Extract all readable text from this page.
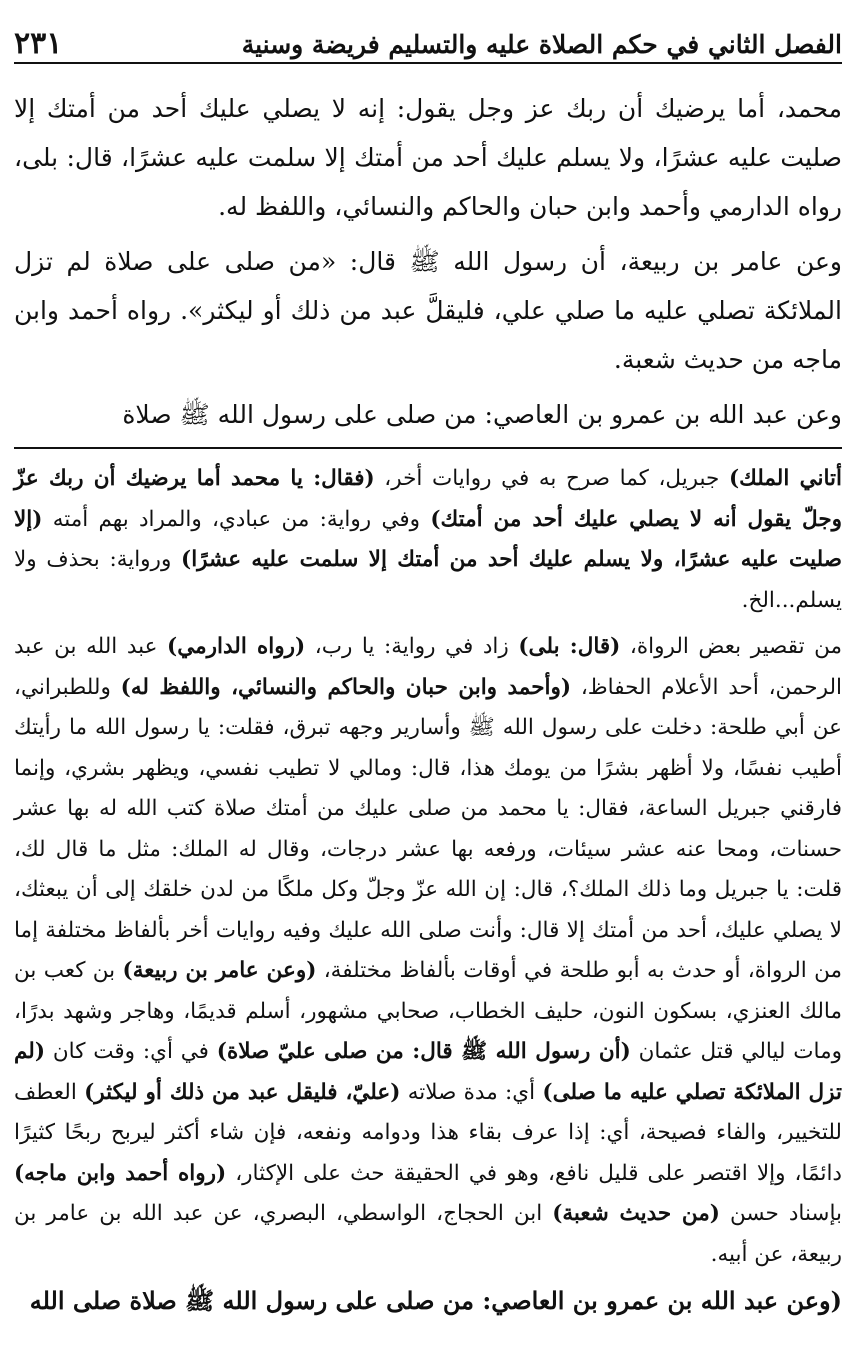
٢٣١	الفصل الثاني في حكم الصلاة عليه والتسليم فريضة وسنية

محمد، أما يرضيك أن ربك عز وجل يقول: إنه لا يصلي عليك أحد من أمتك إلا صليت عليه عشرًا، ولا يسلم عليك أحد من أمتك إلا سلمت عليه عشرًا، قال: بلى، رواه الدارمي وأحمد وابن حبان والحاكم والنسائي، واللفظ له.

وعن عامر بن ربيعة، أن رسول الله ﷺ قال: «من صلى على صلاة لم تزل الملائكة تصلي عليه ما صلي علي، فليقلَّ عبد من ذلك أو ليكثر». رواه أحمد وابن ماجه من حديث شعبة.

وعن عبد الله بن عمرو بن العاصي: من صلى على رسول الله ﷺ صلاة

أتاني الملك) جبريل، كما صرح به في روايات أخر، (فقال: يا محمد أما يرضيك أن ربك عزّ وجلّ يقول أنه لا يصلي عليك أحد من أمتك) وفي رواية: من عبادي، والمراد بهم أمته (إلا صليت عليه عشرًا، ولا يسلم عليك أحد من أمتك إلا سلمت عليه عشرًا) ورواية: بحذف ولا يسلم...الخ.

من تقصير بعض الرواة، (قال: بلى) زاد في رواية: يا رب، (رواه الدارمي) عبد الله بن عبد الرحمن، أحد الأعلام الحفاظ، (وأحمد وابن حبان والحاكم والنسائي، واللفظ له) وللطبراني، عن أبي طلحة: دخلت على رسول الله ﷺ وأسارير وجهه تبرق، فقلت: يا رسول الله ما رأيتك أطيب نفسًا، ولا أظهر بشرًا من يومك هذا، قال: ومالي لا تطيب نفسي، ويظهر بشري، وإنما فارقني جبريل الساعة، فقال: يا محمد من صلى عليك من أمتك صلاة كتب الله له بها عشر حسنات، ومحا عنه عشر سيئات، ورفعه بها عشر درجات، وقال له الملك: مثل ما قال لك، قلت: يا جبريل وما ذلك الملك؟، قال: إن الله عزّ وجلّ وكل ملكًا من لدن خلقك إلى أن يبعثك، لا يصلي عليك، أحد من أمتك إلا قال: وأنت صلى الله عليك وفيه روايات أخر بألفاظ مختلفة إما من الرواة، أو حدث به أبو طلحة في أوقات بألفاظ مختلفة، (وعن عامر بن ربيعة) بن كعب بن مالك العنزي، بسكون النون، حليف الخطاب، صحابي مشهور، أسلم قديمًا، وهاجر وشهد بدرًا، ومات ليالي قتل عثمان (أن رسول الله ﷺ قال: من صلى عليّ صلاة) في أي: وقت كان (لم تزل الملائكة تصلي عليه ما صلى) أي: مدة صلاته (عليّ، فليقل عبد من ذلك أو ليكثر) العطف للتخيير، والفاء فصيحة، أي: إذا عرف بقاء هذا ودوامه ونفعه، فإن شاء أكثر ليربح ربحًا كثيرًا دائمًا، وإلا اقتصر على قليل نافع، وهو في الحقيقة حث على الإكثار، (رواه أحمد وابن ماجه) بإسناد حسن (من حديث شعبة) ابن الحجاج، الواسطي، البصري، عن عبد الله بن عامر بن ربيعة، عن أبيه.

(وعن عبد الله بن عمرو بن العاصي: من صلى على رسول الله ﷺ صلاة صلى الله
